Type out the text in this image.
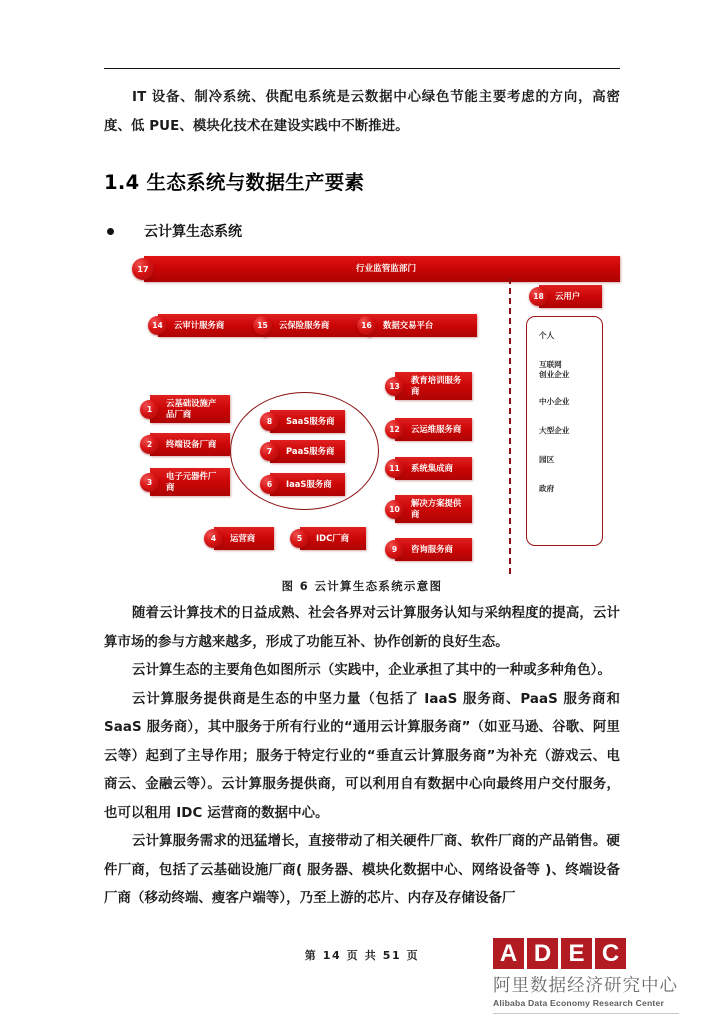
IT 设备、制冷系统、供配电系统是云数据中心绿色节能主要考虑的方向，高密度、低 PUE、模块化技术在建设实践中不断推进。

1.4 生态系统与数据生产要素
云计算生态系统
17	行业监管监部门
14	云审计服务商	15	云保险服务商	16	数据交易平台
1
云基础设施产品厂商
2	终端设备厂商
3
电子元器件厂商
8	SaaS服务商
7	PaaS服务商
6	IaaS服务商
4	运营商	5	IDC厂商
13
教育培训服务商
12	云运维服务商
11	系统集成商
10
解决方案提供商
9	咨询服务商
18	云用户
个人
互联网
创业企业
中小企业
大型企业
园区
政府
图 6 云计算生态系统示意图

随着云计算技术的日益成熟、社会各界对云计算服务认知与采纳程度的提高，云计算市场的参与方越来越多，形成了功能互补、协作创新的良好生态。

云计算生态的主要角色如图所示（实践中，企业承担了其中的一种或多种角色）。

云计算服务提供商是生态的中坚力量（包括了 IaaS 服务商、PaaS 服务商和 SaaS 服务商），其中服务于所有行业的“通用云计算服务商”（如亚马逊、谷歌、阿里云等）起到了主导作用；服务于特定行业的“垂直云计算服务商”为补充（游戏云、电商云、金融云等）。云计算服务提供商，可以利用自有数据中心向最终用户交付服务，也可以租用 IDC 运营商的数据中心。

云计算服务需求的迅猛增长，直接带动了相关硬件厂商、软件厂商的产品销售。硬件厂商，包括了云基础设施厂商( 服务器、模块化数据中心、网络设备等 )、终端设备厂商（移动终端、瘦客户端等），乃至上游的芯片、内存及存储设备厂

第 14 页 共 51 页	A D E C
阿里数据经济研究中心
Alibaba Data Economy Research Center
